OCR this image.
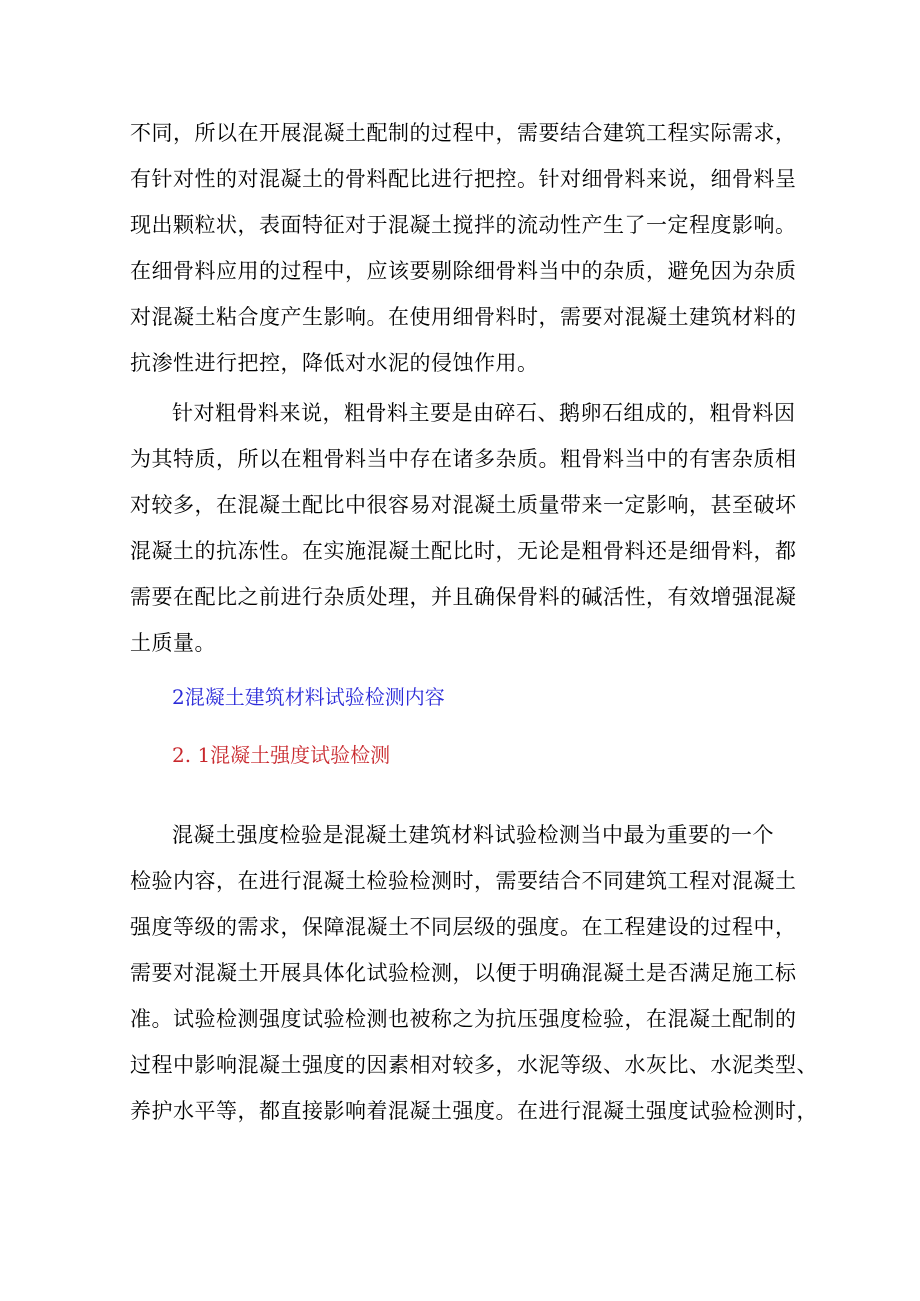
不同，所以在开展混凝土配制的过程中，需要结合建筑工程实际需求，
有针对性的对混凝土的骨料配比进行把控。针对细骨料来说，细骨料呈
现出颗粒状，表面特征对于混凝土搅拌的流动性产生了一定程度影响。
在细骨料应用的过程中，应该要剔除细骨料当中的杂质，避免因为杂质
对混凝土粘合度产生影响。在使用细骨料时，需要对混凝土建筑材料的
抗渗性进行把控，降低对水泥的侵蚀作用。
针对粗骨料来说，粗骨料主要是由碎石、鹅卵石组成的，粗骨料因
为其特质，所以在粗骨料当中存在诸多杂质。粗骨料当中的有害杂质相
对较多，在混凝土配比中很容易对混凝土质量带来一定影响，甚至破坏
混凝土的抗冻性。在实施混凝土配比时，无论是粗骨料还是细骨料，都
需要在配比之前进行杂质处理，并且确保骨料的碱活性，有效增强混凝
土质量。
2混凝土建筑材料试验检测内容
2. 1混凝土强度试验检测
混凝土强度检验是混凝土建筑材料试验检测当中最为重要的一个
检验内容，在进行混凝土检验检测时，需要结合不同建筑工程对混凝土
强度等级的需求，保障混凝土不同层级的强度。在工程建设的过程中，
需要对混凝土开展具体化试验检测，以便于明确混凝土是否满足施工标
准。试验检测强度试验检测也被称之为抗压强度检验，在混凝土配制的
过程中影响混凝土强度的因素相对较多，水泥等级、水灰比、水泥类型、
养护水平等，都直接影响着混凝土强度。在进行混凝土强度试验检测时，
